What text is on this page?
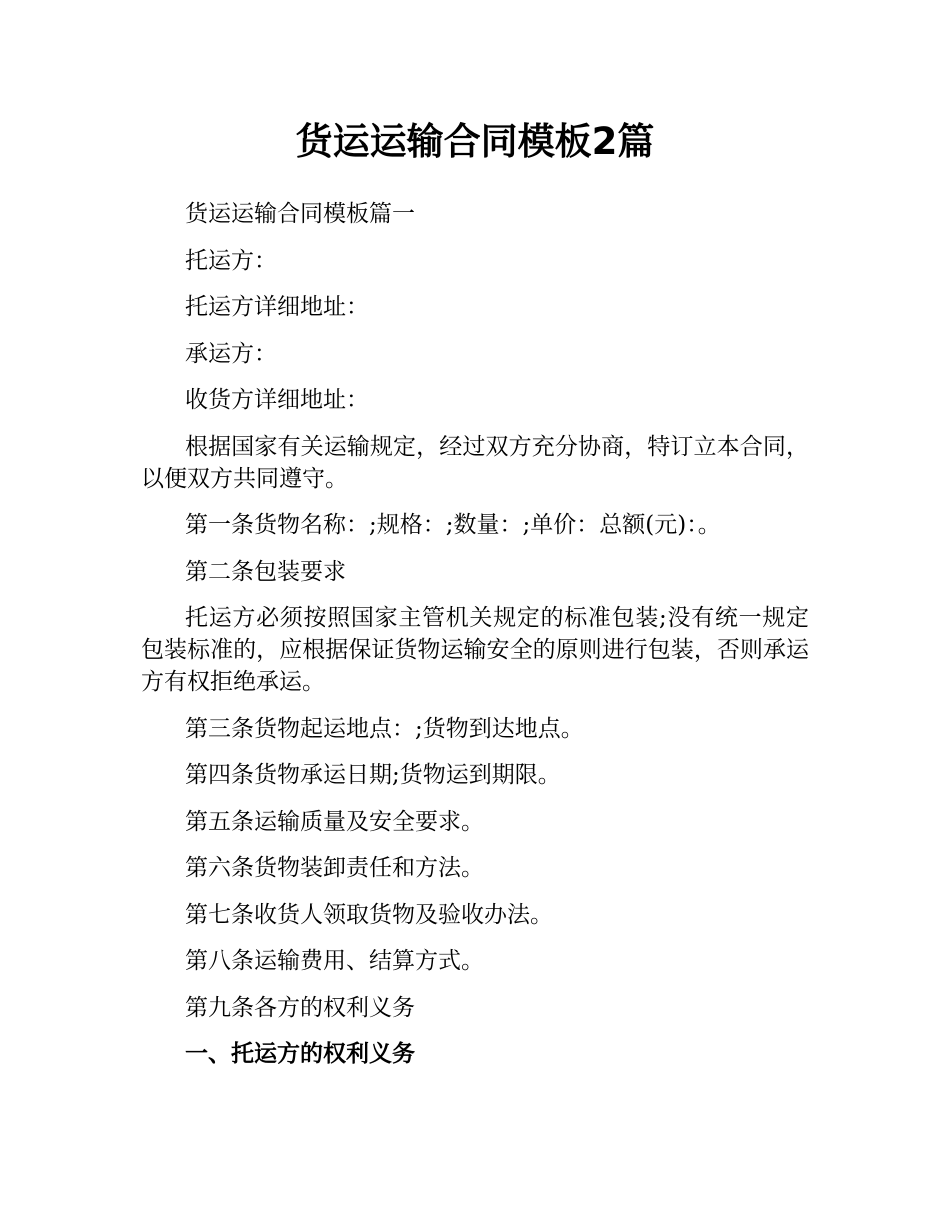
货运运输合同模板2篇

货运运输合同模板篇一

托运方：

托运方详细地址：

承运方：

收货方详细地址：

根据国家有关运输规定，经过双方充分协商，特订立本合同，以便双方共同遵守。

第一条货物名称：;规格：;数量：;单价：总额(元)：。

第二条包装要求

托运方必须按照国家主管机关规定的标准包装;没有统一规定包装标准的，应根据保证货物运输安全的原则进行包装，否则承运方有权拒绝承运。

第三条货物起运地点：;货物到达地点。

第四条货物承运日期;货物运到期限。

第五条运输质量及安全要求。

第六条货物装卸责任和方法。

第七条收货人领取货物及验收办法。

第八条运输费用、结算方式。

第九条各方的权利义务

一、托运方的权利义务
